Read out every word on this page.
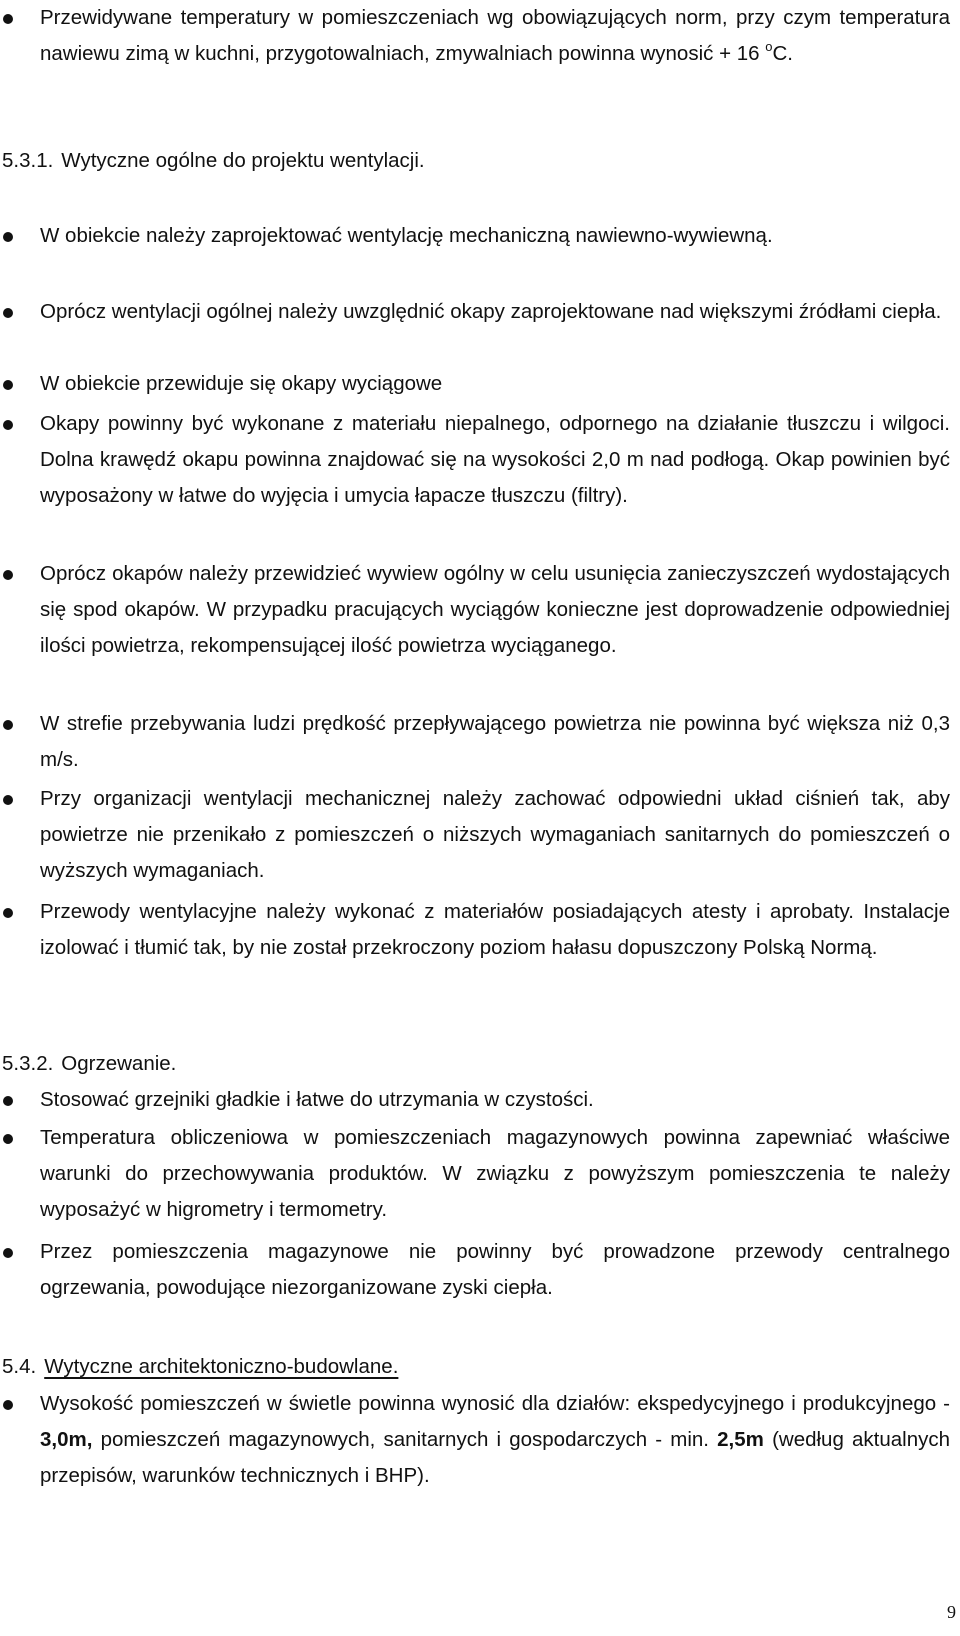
Przewidywane temperatury w pomieszczeniach wg obowiązujących norm, przy czym temperatura nawiewu zimą w kuchni, przygotowalniach, zmywalniach powinna wynosić + 16 $^o$C.
5.3.1. Wytyczne ogólne do projektu wentylacji.
W obiekcie należy zaprojektować wentylację mechaniczną nawiewno-wywiewną.
Oprócz wentylacji ogólnej należy uwzględnić okapy zaprojektowane nad większymi źródłami ciepła.
W obiekcie przewiduje się okapy wyciągowe
Okapy powinny być wykonane z materiału niepalnego, odpornego na działanie tłuszczu i wilgoci. Dolna krawędź okapu powinna znajdować się na wysokości 2,0 m nad podłogą. Okap powinien być wyposażony w łatwe do wyjęcia i umycia łapacze tłuszczu (filtry).
Oprócz okapów należy przewidzieć wywiew ogólny w celu usunięcia zanieczyszczeń wydostających się spod okapów. W przypadku pracujących wyciągów konieczne jest doprowadzenie odpowiedniej ilości powietrza, rekompensującej ilość powietrza wyciąganego.
W strefie przebywania ludzi prędkość przepływającego powietrza nie powinna być większa niż 0,3 m/s.
Przy organizacji wentylacji mechanicznej należy zachować odpowiedni układ ciśnień tak, aby powietrze nie przenikało z pomieszczeń o niższych wymaganiach sanitarnych do pomieszczeń o wyższych wymaganiach.
Przewody wentylacyjne należy wykonać z materiałów posiadających atesty i aprobaty. Instalacje izolować i tłumić tak, by nie został przekroczony poziom hałasu dopuszczony Polską Normą.
5.3.2. Ogrzewanie.
Stosować grzejniki gładkie i łatwe do utrzymania w czystości.
Temperatura obliczeniowa w pomieszczeniach magazynowych powinna zapewniać właściwe warunki do przechowywania produktów. W związku z powyższym pomieszczenia te należy wyposażyć w higrometry i termometry.
Przez pomieszczenia magazynowe nie powinny być prowadzone przewody centralnego ogrzewania, powodujące niezorganizowane zyski ciepła.
5.4. Wytyczne architektoniczno-budowlane.
Wysokość pomieszczeń w świetle powinna wynosić dla działów: ekspedycyjnego i produkcyjnego - 3,0m, pomieszczeń magazynowych, sanitarnych i gospodarczych - min. 2,5m (według aktualnych przepisów, warunków technicznych i BHP).
9
